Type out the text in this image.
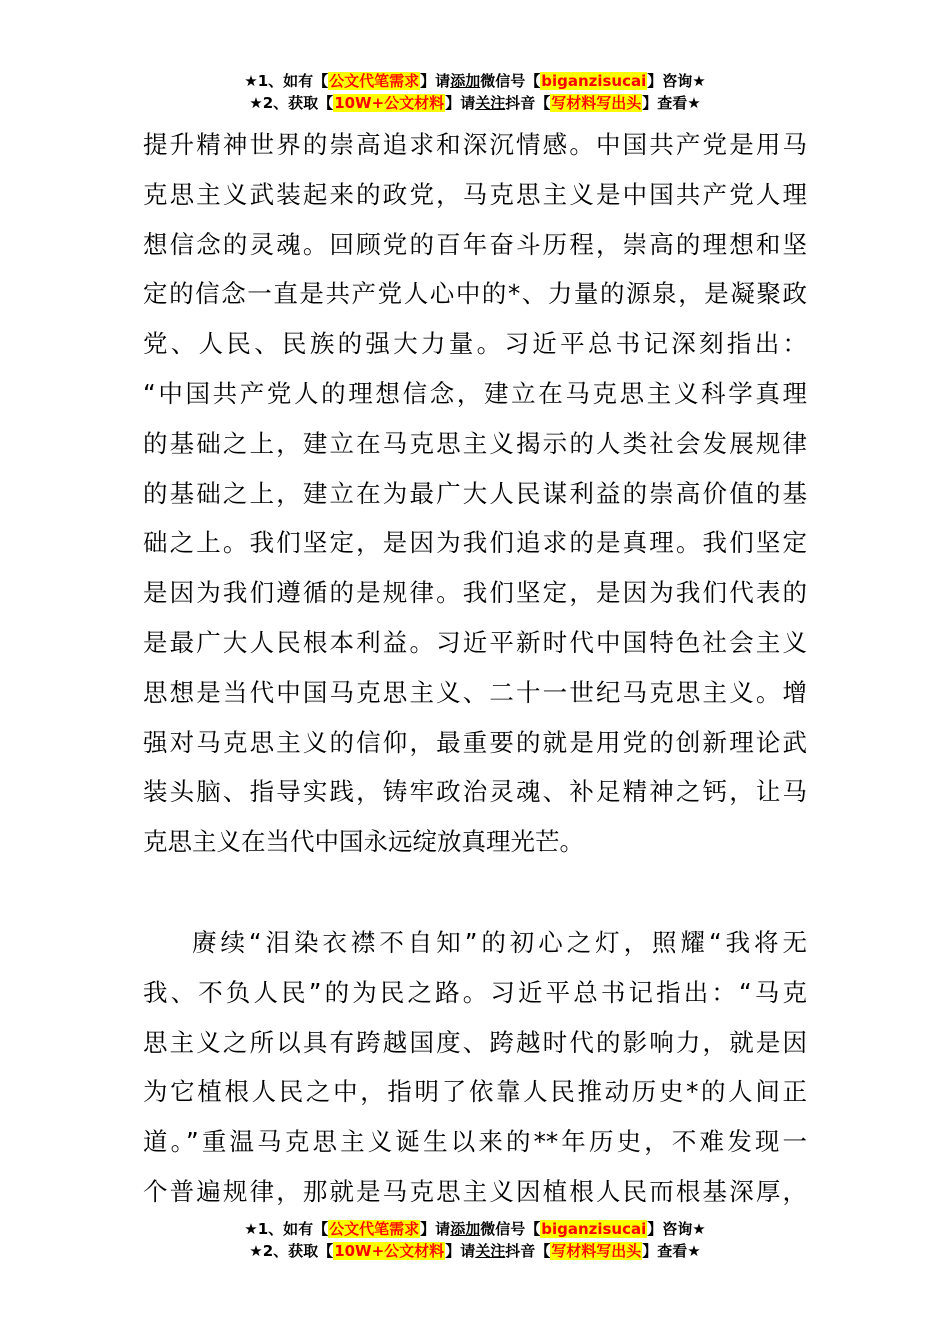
★1、如有【公文代笔需求】请添加微信号【biganzisucai】咨询★
★2、获取【10W+公文材料】请关注抖音【写材料写出头】查看★
提升精神世界的崇高追求和深沉情感。中国共产党是用马
克思主义武装起来的政党，马克思主义是中国共产党人理
想信念的灵魂。回顾党的百年奋斗历程，崇高的理想和坚
定的信念一直是共产党人心中的*、力量的源泉，是凝聚政
党、人民、民族的强大力量。习近平总书记深刻指出：
“中国共产党人的理想信念，建立在马克思主义科学真理
的基础之上，建立在马克思主义揭示的人类社会发展规律
的基础之上，建立在为最广大人民谋利益的崇高价值的基
础之上。我们坚定，是因为我们追求的是真理。我们坚定
是因为我们遵循的是规律。我们坚定，是因为我们代表的
是最广大人民根本利益。习近平新时代中国特色社会主义
思想是当代中国马克思主义、二十一世纪马克思主义。增
强对马克思主义的信仰，最重要的就是用党的创新理论武
装头脑、指导实践，铸牢政治灵魂、补足精神之钙，让马
克思主义在当代中国永远绽放真理光芒。
赓续“泪染衣襟不自知”的初心之灯，照耀“我将无
我、不负人民”的为民之路。习近平总书记指出：“马克
思主义之所以具有跨越国度、跨越时代的影响力，就是因
为它植根人民之中，指明了依靠人民推动历史*的人间正
道。”重温马克思主义诞生以来的**年历史，不难发现一
个普遍规律，那就是马克思主义因植根人民而根基深厚，
★1、如有【公文代笔需求】请添加微信号【biganzisucai】咨询★
★2、获取【10W+公文材料】请关注抖音【写材料写出头】查看★
